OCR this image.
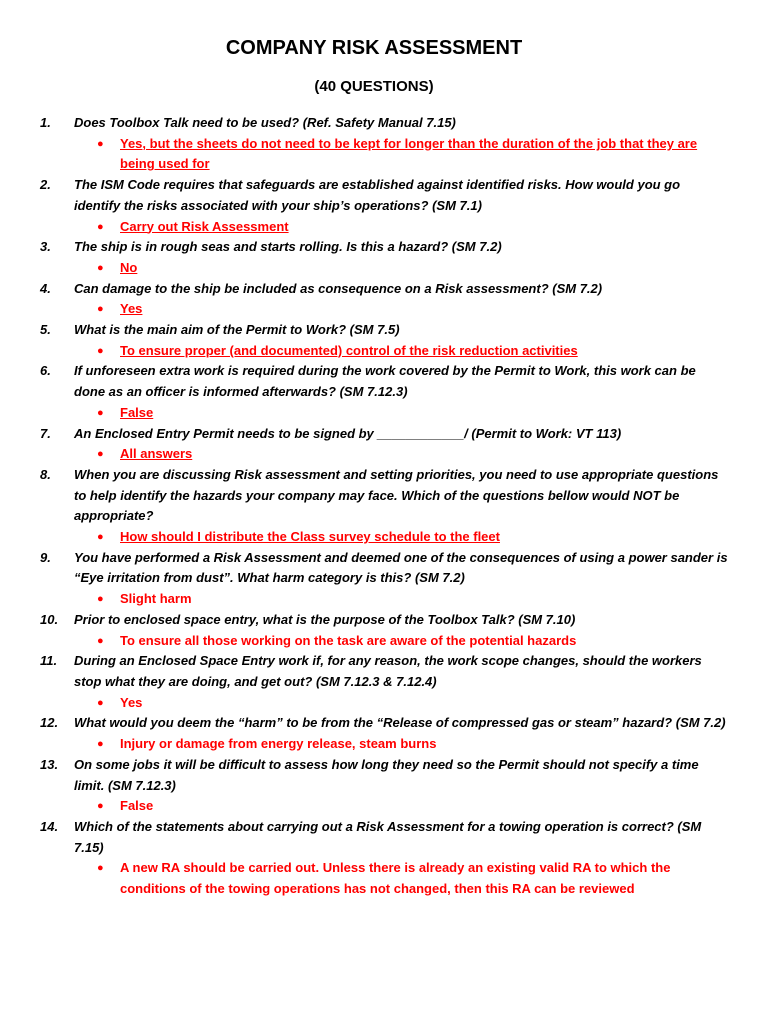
COMPANY RISK ASSESSMENT
(40 QUESTIONS)
1.	Does Toolbox Talk need to be used? (Ref. Safety Manual 7.15)
● Yes, but the sheets do not need to be kept for longer than the duration of the job that they are being used for
2.	The ISM Code requires that safeguards are established against identified risks. How would you go identify the risks associated with your ship’s operations? (SM 7.1)
● Carry out Risk Assessment
3.	The ship is in rough seas and starts rolling. Is this a hazard? (SM 7.2)
● No
4.	Can damage to the ship be included as consequence on a Risk assessment? (SM 7.2)
● Yes
5.	What is the main aim of the Permit to Work? (SM 7.5)
● To ensure proper (and documented) control of the risk reduction activities
6.	If unforeseen extra work is required during the work covered by the Permit to Work, this work can be done as an officer is informed afterwards? (SM 7.12.3)
● False
7.	An Enclosed Entry Permit needs to be signed by ____________/ (Permit to Work: VT 113)
● All answers
8.	When you are discussing Risk assessment and setting priorities, you need to use appropriate questions to help identify the hazards your company may face. Which of the questions bellow would NOT be appropriate?
● How should I distribute the Class survey schedule to the fleet
9.	You have performed a Risk Assessment and deemed one of the consequences of using a power sander is “Eye irritation from dust”. What harm category is this? (SM 7.2)
● Slight harm
10.	Prior to enclosed space entry, what is the purpose of the Toolbox Talk? (SM 7.10)
● To ensure all those working on the task are aware of the potential hazards
11.	During an Enclosed Space Entry work if, for any reason, the work scope changes, should the workers stop what they are doing, and get out? (SM 7.12.3 & 7.12.4)
● Yes
12.	What would you deem the “harm” to be from the “Release of compressed gas or steam” hazard? (SM 7.2)
● Injury or damage from energy release, steam burns
13.	On some jobs it will be difficult to assess how long they need so the Permit should not specify a time limit. (SM 7.12.3)
● False
14.	Which of the statements about carrying out a Risk Assessment for a towing operation is correct? (SM 7.15)
● A new RA should be carried out. Unless there is already an existing valid RA to which the conditions of the towing operations has not changed, then this RA can be reviewed
